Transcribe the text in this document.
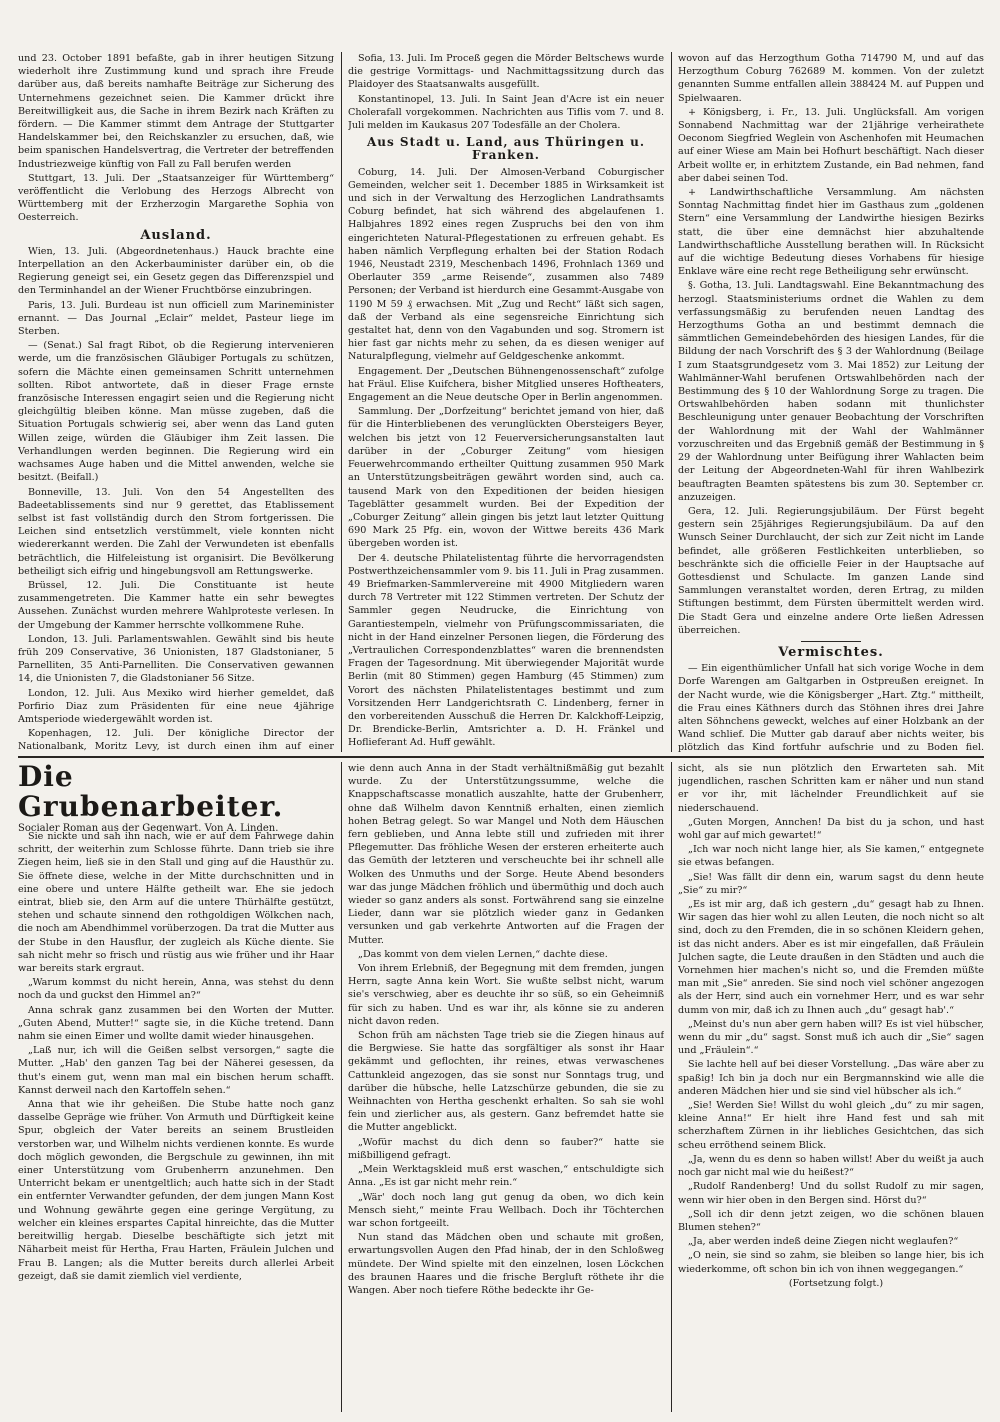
und 23. October 1891 befaßte, gab in ihrer heutigen Sitzung wiederholt ihre Zustimmung kund und sprach ihre Freude darüber aus, daß bereits namhafte Beiträge zur Sicherung des Unternehmens gezeichnet seien. Die Kammer drückt ihre Bereitwilligkeit aus, die Sache in ihrem Bezirk nach Kräften zu fördern. — Die Kammer stimmt dem Antrage der Stuttgarter Handelskammer bei, den Reichskanzler zu ersuchen, daß, wie beim spanischen Handelsvertrag, die Vertreter der betreffenden Industriezweige künftig von Fall zu Fall berufen werden

Stuttgart, 13. Juli. Der „Staatsanzeiger für Württemberg“ veröffentlicht die Verlobung des Herzogs Albrecht von Württemberg mit der Erzherzogin Margarethe Sophia von Oesterreich.

Ausland.

Wien, 13. Juli. (Abgeordnetenhaus.) Hauck brachte eine Interpellation an den Ackerbauminister darüber ein, ob die Regierung geneigt sei, ein Gesetz gegen das Differenzspiel und den Terminhandel an der Wiener Fruchtbörse einzubringen.

Paris, 13. Juli. Burdeau ist nun officiell zum Marineminister ernannt. — Das Journal „Eclair“ meldet, Pasteur liege im Sterben.

— (Senat.) Sal fragt Ribot, ob die Regierung intervenieren werde, um die französischen Gläubiger Portugals zu schützen, sofern die Mächte einen gemeinsamen Schritt unternehmen sollten. Ribot antwortete, daß in dieser Frage ernste französische Interessen engagirt seien und die Regierung nicht gleichgültig bleiben könne. Man müsse zugeben, daß die Situation Portugals schwierig sei, aber wenn das Land guten Willen zeige, würden die Gläubiger ihm Zeit lassen. Die Verhandlungen werden beginnen. Die Regierung wird ein wachsames Auge haben und die Mittel anwenden, welche sie besitzt. (Beifall.)

Bonneville, 13. Juli. Von den 54 Angestellten des Badeetablissements sind nur 9 gerettet, das Etablissement selbst ist fast vollständig durch den Strom fortgerissen. Die Leichen sind entsetzlich verstümmelt, viele konnten nicht wiedererkannt werden. Die Zahl der Verwundeten ist ebenfalls beträchtlich, die Hilfeleistung ist organisirt. Die Bevölkerung betheiligt sich eifrig und hingebungsvoll am Rettungswerke.

Brüssel, 12. Juli. Die Constituante ist heute zusammengetreten. Die Kammer hatte ein sehr bewegtes Aussehen. Zunächst wurden mehrere Wahlproteste verlesen. In der Umgebung der Kammer herrschte vollkommene Ruhe.

London, 13. Juli. Parlamentswahlen. Gewählt sind bis heute früh 209 Conservative, 36 Unionisten, 187 Gladstonianer, 5 Parnelliten, 35 Anti-Parnelliten. Die Conservativen gewannen 14, die Unionisten 7, die Gladstonianer 56 Sitze.

London, 12. Juli. Aus Mexiko wird hierher gemeldet, daß Porfirio Diaz zum Präsidenten für eine neue 4jährige Amtsperiode wiedergewählt worden ist.

Kopenhagen, 12. Juli. Der königliche Director der Nationalbank, Moritz Levy, ist durch einen ihm auf einer

Sofia, 13. Juli. Im Proceß gegen die Mörder Beltschews wurde die gestrige Vormittags- und Nachmittagssitzung durch das Plaidoyer des Staatsanwalts ausgefüllt.

Konstantinopel, 13. Juli. In Saint Jean d'Acre ist ein neuer Cholerafall vorgekommen. Nachrichten aus Tiflis vom 7. und 8. Juli melden im Kaukasus 207 Todesfälle an der Cholera.

Aus Stadt u. Land, aus Thüringen u. Franken.

Coburg, 14. Juli. Der Almosen-Verband Coburgischer Gemeinden, welcher seit 1. December 1885 in Wirksamkeit ist und sich in der Verwaltung des Herzoglichen Landrathsamts Coburg befindet, hat sich während des abgelaufenen 1. Halbjahres 1892 eines regen Zuspruchs bei den von ihm eingerichteten Natural-Pflegestationen zu erfreuen gehabt. Es haben nämlich Verpflegung erhalten bei der Station Rodach 1946, Neustadt 2319, Meschenbach 1496, Frohnlach 1369 und Oberlauter 359 „arme Reisende“, zusammen also 7489 Personen; der Verband ist hierdurch eine Gesammt-Ausgabe von 1190 M 59 ₰ erwachsen. Mit „Zug und Recht“ läßt sich sagen, daß der Verband als eine segensreiche Einrichtung sich gestaltet hat, denn von den Vagabunden und sog. Stromern ist hier fast gar nichts mehr zu sehen, da es diesen weniger auf Naturalpflegung, vielmehr auf Geldgeschenke ankommt.

Engagement. Der „Deutschen Bühnengenossenschaft“ zufolge hat Fräul. Elise Kuifchera, bisher Mitglied unseres Hoftheaters, Engagement an die Neue deutsche Oper in Berlin angenommen.

Sammlung. Der „Dorfzeitung“ berichtet jemand von hier, daß für die Hinterbliebenen des verunglückten Obersteigers Beyer, welchen bis jetzt von 12 Feuerversicherungsanstalten laut darüber in der „Coburger Zeitung“ vom hiesigen Feuerwehrcommando ertheilter Quittung zusammen 950 Mark an Unterstützungsbeiträgen gewährt worden sind, auch ca. tausend Mark von den Expeditionen der beiden hiesigen Tageblätter gesammelt wurden. Bei der Expedition der „Coburger Zeitung“ allein gingen bis jetzt laut letzter Quittung 690 Mark 25 Pfg. ein, wovon der Wittwe bereits 436 Mark übergeben worden ist.

Der 4. deutsche Philatelistentag führte die hervorragendsten Postwerthzeichensammler vom 9. bis 11. Juli in Prag zusammen. 49 Briefmarken-Sammlervereine mit 4900 Mitgliedern waren durch 78 Vertreter mit 122 Stimmen vertreten. Der Schutz der Sammler gegen Neudrucke, die Einrichtung von Garantiestempeln, vielmehr von Prüfungscommissariaten, die nicht in der Hand einzelner Personen liegen, die Förderung des „Vertraulichen Correspondenzblattes“ waren die brennendsten Fragen der Tagesordnung. Mit überwiegender Majorität wurde Berlin (mit 80 Stimmen) gegen Hamburg (45 Stimmen) zum Vorort des nächsten Philatelistentages bestimmt und zum Vorsitzenden Herr Landgerichtsrath C. Lindenberg, ferner in den vorbereitenden Ausschuß die Herren Dr. Kalckhoff-Leipzig, Dr. Brendicke-Berlin, Amtsrichter a. D. H. Fränkel und Hoflieferant Ad. Huff gewählt.

wovon auf das Herzogthum Gotha 714790 M, und auf das Herzogthum Coburg 762689 M. kommen. Von der zuletzt genannten Summe entfallen allein 388424 M. auf Puppen und Spielwaaren.

+ Königsberg, i. Fr., 13. Juli. Unglücksfall. Am vorigen Sonnabend Nachmittag war der 21jährige verheirathete Oeconom Siegfried Weglein von Aschenhofen mit Heumachen auf einer Wiese am Main bei Hofhurt beschäftigt. Nach dieser Arbeit wollte er, in erhitztem Zustande, ein Bad nehmen, fand aber dabei seinen Tod.

+ Landwirthschaftliche Versammlung. Am nächsten Sonntag Nachmittag findet hier im Gasthaus zum „goldenen Stern“ eine Versammlung der Landwirthe hiesigen Bezirks statt, die über eine demnächst hier abzuhaltende Landwirthschaftliche Ausstellung berathen will. In Rücksicht auf die wichtige Bedeutung dieses Vorhabens für hiesige Enklave wäre eine recht rege Betheiligung sehr erwünscht.

§. Gotha, 13. Juli. Landtagswahl. Eine Bekanntmachung des herzogl. Staatsministeriums ordnet die Wahlen zu dem verfassungsmäßig zu berufenden neuen Landtag des Herzogthums Gotha an und bestimmt demnach die sämmtlichen Gemeindebehörden des hiesigen Landes, für die Bildung der nach Vorschrift des § 3 der Wahlordnung (Beilage I zum Staatsgrundgesetz vom 3. Mai 1852) zur Leitung der Wahlmänner-Wahl berufenen Ortswahlbehörden nach der Bestimmung des § 10 der Wahlordnung Sorge zu tragen. Die Ortswahlbehörden haben sodann mit thunlichster Beschleunigung unter genauer Beobachtung der Vorschriften der Wahlordnung mit der Wahl der Wahlmänner vorzuschreiten und das Ergebniß gemäß der Bestimmung in § 29 der Wahlordnung unter Beifügung ihrer Wahlacten beim der Leitung der Abgeordneten-Wahl für ihren Wahlbezirk beauftragten Beamten spätestens bis zum 30. September cr. anzuzeigen.

Gera, 12. Juli. Regierungsjubiläum. Der Fürst begeht gestern sein 25jähriges Regierungsjubiläum. Da auf den Wunsch Seiner Durchlaucht, der sich zur Zeit nicht im Lande befindet, alle größeren Festlichkeiten unterblieben, so beschränkte sich die officielle Feier in der Hauptsache auf Gottesdienst und Schulacte. Im ganzen Lande sind Sammlungen veranstaltet worden, deren Ertrag, zu milden Stiftungen bestimmt, dem Fürsten übermittelt werden wird. Die Stadt Gera und einzelne andere Orte ließen Adressen überreichen.

Vermischtes.

— Ein eigenthümlicher Unfall hat sich vorige Woche in dem Dorfe Warengen am Galtgarben in Ostpreußen ereignet. In der Nacht wurde, wie die Königsberger „Hart. Ztg.“ mittheilt, die Frau eines Käthners durch das Stöhnen ihres drei Jahre alten Söhnchens geweckt, welches auf einer Holzbank an der Wand schlief. Die Mutter gab darauf aber nichts weiter, bis plötzlich das Kind fortfuhr aufschrie und zu Boden fiel.

Die Grubenarbeiter.
Socialer Roman aus der Gegenwart. Von A. Linden.

Sie nickte und sah ihn nach, wie er auf dem Fahrwege dahin schritt, der weiterhin zum Schlosse führte. Dann trieb sie ihre Ziegen heim, ließ sie in den Stall und ging auf die Hausthür zu. Sie öffnete diese, welche in der Mitte durchschnitten und in eine obere und untere Hälfte getheilt war. Ehe sie jedoch eintrat, blieb sie, den Arm auf die untere Thürhälfte gestützt, stehen und schaute sinnend den rothgoldigen Wölkchen nach, die noch am Abendhimmel vorüberzogen. Da trat die Mutter aus der Stube in den Hausflur, der zugleich als Küche diente. Sie sah nicht mehr so frisch und rüstig aus wie früher und ihr Haar war bereits stark ergraut.

„Warum kommst du nicht herein, Anna, was stehst du denn noch da und guckst den Himmel an?“

Anna schrak ganz zusammen bei den Worten der Mutter. „Guten Abend, Mutter!“ sagte sie, in die Küche tretend. Dann nahm sie einen Eimer und wollte damit wieder hinausgehen.

„Laß nur, ich will die Geißen selbst versorgen,“ sagte die Mutter. „Hab' den ganzen Tag bei der Näherei gesessen, da thut's einem gut, wenn man mal ein bischen herum schafft. Kannst derweil nach den Kartoffeln sehen.“

Anna that wie ihr geheißen. Die Stube hatte noch ganz dasselbe Gepräge wie früher. Von Armuth und Dürftigkeit keine Spur, obgleich der Vater bereits an seinem Brustleiden verstorben war, und Wilhelm nichts verdienen konnte. Es wurde doch möglich gewonden, die Bergschule zu gewinnen, ihn mit einer Unterstützung vom Grubenherrn anzunehmen. Den Unterricht bekam er unentgeltlich; auch hatte sich in der Stadt ein entfernter Verwandter gefunden, der dem jungen Mann Kost und Wohnung gewährte gegen eine geringe Vergütung, zu welcher ein kleines erspartes Capital hinreichte, das die Mutter bereitwillig hergab. Dieselbe beschäftigte sich jetzt mit Näharbeit meist für Hertha, Frau Harten, Fräulein Julchen und Frau B. Langen; als die Mutter bereits durch allerlei Arbeit gezeigt, daß sie damit ziemlich viel verdiente,

wie denn auch Anna in der Stadt verhältnißmäßig gut bezahlt wurde. Zu der Unterstützungssumme, welche die Knappschaftscasse monatlich auszahlte, hatte der Grubenherr, ohne daß Wilhelm davon Kenntniß erhalten, einen ziemlich hohen Betrag gelegt. So war Mangel und Noth dem Häuschen fern geblieben, und Anna lebte still und zufrieden mit ihrer Pflegemutter. Das fröhliche Wesen der ersteren erheiterte auch das Gemüth der letzteren und verscheuchte bei ihr schnell alle Wolken des Unmuths und der Sorge. Heute Abend besonders war das junge Mädchen fröhlich und übermüthig und doch auch wieder so ganz anders als sonst. Fortwährend sang sie einzelne Lieder, dann war sie plötzlich wieder ganz in Gedanken versunken und gab verkehrte Antworten auf die Fragen der Mutter.

„Das kommt von dem vielen Lernen,“ dachte diese.

Von ihrem Erlebniß, der Begegnung mit dem fremden, jungen Herrn, sagte Anna kein Wort. Sie wußte selbst nicht, warum sie's verschwieg, aber es deuchte ihr so süß, so ein Geheimniß für sich zu haben. Und es war ihr, als könne sie zu anderen nicht davon reden.

Schon früh am nächsten Tage trieb sie die Ziegen hinaus auf die Bergwiese. Sie hatte das sorgfältiger als sonst ihr Haar gekämmt und geflochten, ihr reines, etwas verwaschenes Cattunkleid angezogen, das sie sonst nur Sonntags trug, und darüber die hübsche, helle Latzschürze gebunden, die sie zu Weihnachten von Hertha geschenkt erhalten. So sah sie wohl fein und zierlicher aus, als gestern. Ganz befremdet hatte sie die Mutter angeblickt.

„Wofür machst du dich denn so fauber?“ hatte sie mißbilligend gefragt.

„Mein Werktagskleid muß erst waschen,“ entschuldigte sich Anna. „Es ist gar nicht mehr rein.“

„Wär' doch noch lang gut genug da oben, wo dich kein Mensch sieht,“ meinte Frau Wellbach. Doch ihr Töchterchen war schon fortgeeilt.

Nun stand das Mädchen oben und schaute mit großen, erwartungsvollen Augen den Pfad hinab, der in den Schloßweg mündete. Der Wind spielte mit den einzelnen, losen Löckchen des braunen Haares und die frische Bergluft röthete ihr die Wangen. Aber noch tiefere Röthe bedeckte ihr Ge-

sicht, als sie nun plötzlich den Erwarteten sah. Mit jugendlichen, raschen Schritten kam er näher und nun stand er vor ihr, mit lächelnder Freundlichkeit auf sie niederschauend.

„Guten Morgen, Annchen! Da bist du ja schon, und hast wohl gar auf mich gewartet!“

„Ich war noch nicht lange hier, als Sie kamen,“ entgegnete sie etwas befangen.

„Sie! Was fällt dir denn ein, warum sagst du denn heute „Sie“ zu mir?“

„Es ist mir arg, daß ich gestern „du“ gesagt hab zu Ihnen. Wir sagen das hier wohl zu allen Leuten, die noch nicht so alt sind, doch zu den Fremden, die in so schönen Kleidern gehen, ist das nicht anders. Aber es ist mir eingefallen, daß Fräulein Julchen sagte, die Leute draußen in den Städten und auch die Vornehmen hier machen's nicht so, und die Fremden müßte man mit „Sie“ anreden. Sie sind noch viel schöner angezogen als der Herr, sind auch ein vornehmer Herr, und es war sehr dumm von mir, daß ich zu Ihnen auch „du“ gesagt hab'.“

„Meinst du's nun aber gern haben will? Es ist viel hübscher, wenn du mir „du“ sagst. Sonst muß ich auch dir „Sie“ sagen und „Fräulein“.“

Sie lachte hell auf bei dieser Vorstellung. „Das wäre aber zu spaßig! Ich bin ja doch nur ein Bergmannskind wie alle die anderen Mädchen hier und sie sind viel hübscher als ich.“

„Sie! Werden Sie! Willst du wohl gleich „du“ zu mir sagen, kleine Anna!“ Er hielt ihre Hand fest und sah mit scherzhaftem Zürnen in ihr liebliches Gesichtchen, das sich scheu erröthend seinem Blick.

„Ja, wenn du es denn so haben willst! Aber du weißt ja auch noch gar nicht mal wie du heißest?“

„Rudolf Randenberg! Und du sollst Rudolf zu mir sagen, wenn wir hier oben in den Bergen sind. Hörst du?“

„Soll ich dir denn jetzt zeigen, wo die schönen blauen Blumen stehen?“

„Ja, aber werden indeß deine Ziegen nicht weglaufen?“

„O nein, sie sind so zahm, sie bleiben so lange hier, bis ich wiederkomme, oft schon bin ich von ihnen weggegangen.“

(Fortsetzung folgt.)
